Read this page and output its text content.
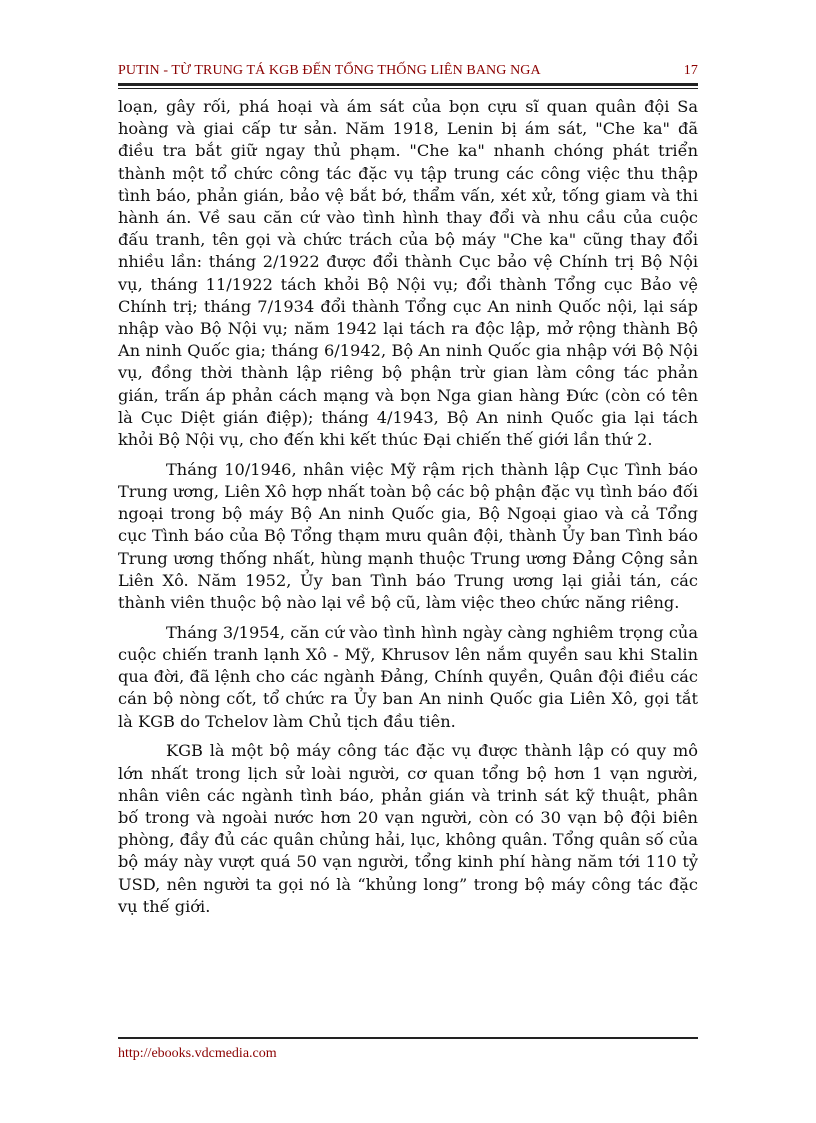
PUTIN - TỪ TRUNG TÁ KGB ĐẾN TỔNG THỐNG LIÊN BANG NGA	17

loạn, gây rối, phá hoại và ám sát của bọn cựu sĩ quan quân đội Sa hoàng và giai cấp tư sản. Năm 1918, Lenin bị ám sát, "Che ka" đã điều tra bắt giữ ngay thủ phạm. "Che ka" nhanh chóng phát triển thành một tổ chức công tác đặc vụ tập trung các công việc thu thập tình báo, phản gián, bảo vệ bắt bớ, thẩm vấn, xét xử, tống giam và thi hành án. Về sau căn cứ vào tình hình thay đổi và nhu cầu của cuộc đấu tranh, tên gọi và chức trách của bộ máy "Che ka" cũng thay đổi nhiều lần: tháng 2/1922 được đổi thành Cục bảo vệ Chính trị Bộ Nội vụ, tháng 11/1922 tách khỏi Bộ Nội vụ; đổi thành Tổng cục Bảo vệ Chính trị; tháng 7/1934 đổi thành Tổng cục An ninh Quốc nội, lại sáp nhập vào Bộ Nội vụ; năm 1942 lại tách ra độc lập, mở rộng thành Bộ An ninh Quốc gia; tháng 6/1942, Bộ An ninh Quốc gia nhập với Bộ Nội vụ, đồng thời thành lập riêng bộ phận trừ gian làm công tác phản gián, trấn áp phản cách mạng và bọn Nga gian hàng Đức (còn có tên là Cục Diệt gián điệp); tháng 4/1943, Bộ An ninh Quốc gia lại tách khỏi Bộ Nội vụ, cho đến khi kết thúc Đại chiến thế giới lần thứ 2.

Tháng 10/1946, nhân việc Mỹ rậm rịch thành lập Cục Tình báo Trung ương, Liên Xô hợp nhất toàn bộ các bộ phận đặc vụ tình báo đối ngoại trong bộ máy Bộ An ninh Quốc gia, Bộ Ngoại giao và cả Tổng cục Tình báo của Bộ Tổng thạm mưu quân đội, thành Ủy ban Tình báo Trung ương thống nhất, hùng mạnh thuộc Trung ương Đảng Cộng sản Liên Xô. Năm 1952, Ủy ban Tình báo Trung ương lại giải tán, các thành viên thuộc bộ nào lại về bộ cũ, làm việc theo chức năng riêng.

Tháng 3/1954, căn cứ vào tình hình ngày càng nghiêm trọng của cuộc chiến tranh lạnh Xô - Mỹ, Khrusov lên nắm quyền sau khi Stalin qua đời, đã lệnh cho các ngành Đảng, Chính quyền, Quân đội điều các cán bộ nòng cốt, tổ chức ra Ủy ban An ninh Quốc gia Liên Xô, gọi tắt là KGB do Tchelov làm Chủ tịch đầu tiên.

KGB là một bộ máy công tác đặc vụ được thành lập có quy mô lớn nhất trong lịch sử loài người, cơ quan tổng bộ hơn 1 vạn người, nhân viên các ngành tình báo, phản gián và trinh sát kỹ thuật, phân bố trong và ngoài nước hơn 20 vạn người, còn có 30 vạn bộ đội biên phòng, đầy đủ các quân chủng hải, lục, không quân. Tổng quân số của bộ máy này vượt quá 50 vạn người, tổng kinh phí hàng năm tới 110 tỷ USD, nên người ta gọi nó là “khủng long” trong bộ máy công tác đặc vụ thế giới.

http://ebooks.vdcmedia.com
